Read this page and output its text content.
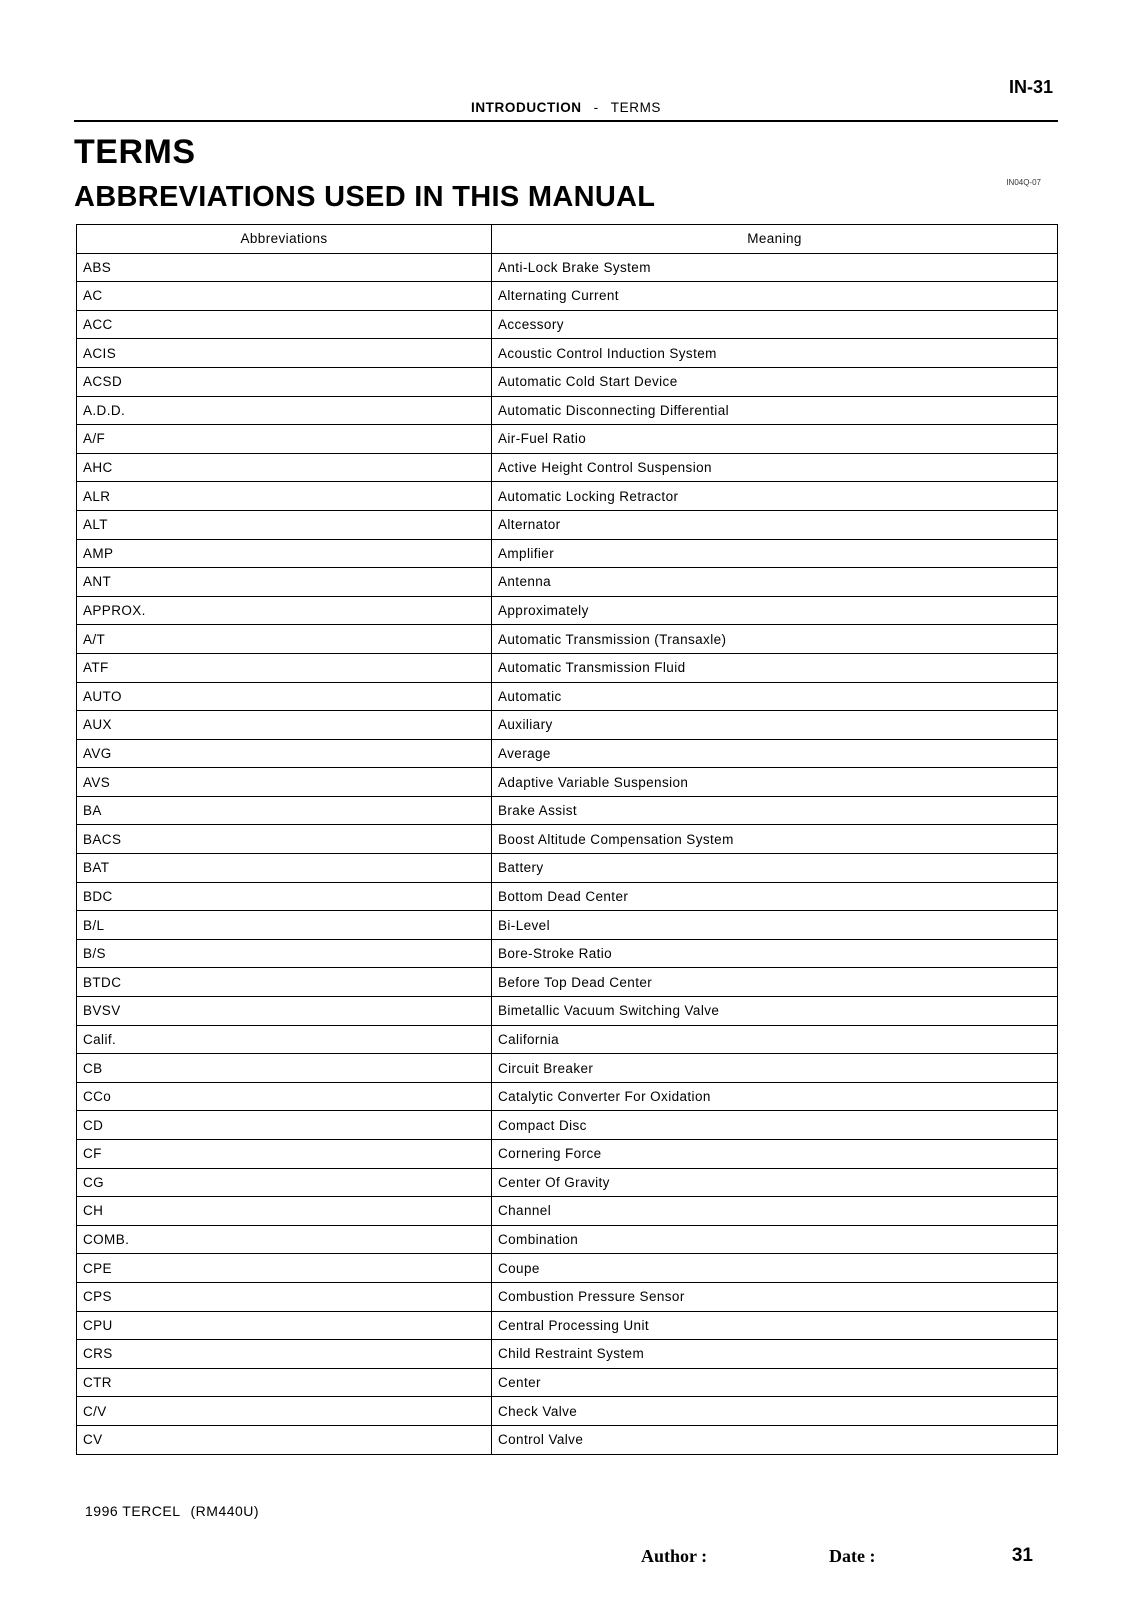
IN-31
INTRODUCTION - TERMS
TERMS
ABBREVIATIONS USED IN THIS MANUAL	IN04Q-07
Abbreviations	Meaning
ABS	Anti-Lock Brake System
AC	Alternating Current
ACC	Accessory
ACIS	Acoustic Control Induction System
ACSD	Automatic Cold Start Device
A.D.D.	Automatic Disconnecting Differential
A/F	Air-Fuel Ratio
AHC	Active Height Control Suspension
ALR	Automatic Locking Retractor
ALT	Alternator
AMP	Amplifier
ANT	Antenna
APPROX.	Approximately
A/T	Automatic Transmission (Transaxle)
ATF	Automatic Transmission Fluid
AUTO	Automatic
AUX	Auxiliary
AVG	Average
AVS	Adaptive Variable Suspension
BA	Brake Assist
BACS	Boost Altitude Compensation System
BAT	Battery
BDC	Bottom Dead Center
B/L	Bi-Level
B/S	Bore-Stroke Ratio
BTDC	Before Top Dead Center
BVSV	Bimetallic Vacuum Switching Valve
Calif.	California
CB	Circuit Breaker
CCo	Catalytic Converter For Oxidation
CD	Compact Disc
CF	Cornering Force
CG	Center Of Gravity
CH	Channel
COMB.	Combination
CPE	Coupe
CPS	Combustion Pressure Sensor
CPU	Central Processing Unit
CRS	Child Restraint System
CTR	Center
C/V	Check Valve
CV	Control Valve
1996 TERCEL (RM440U)
Author :	Date :	31
